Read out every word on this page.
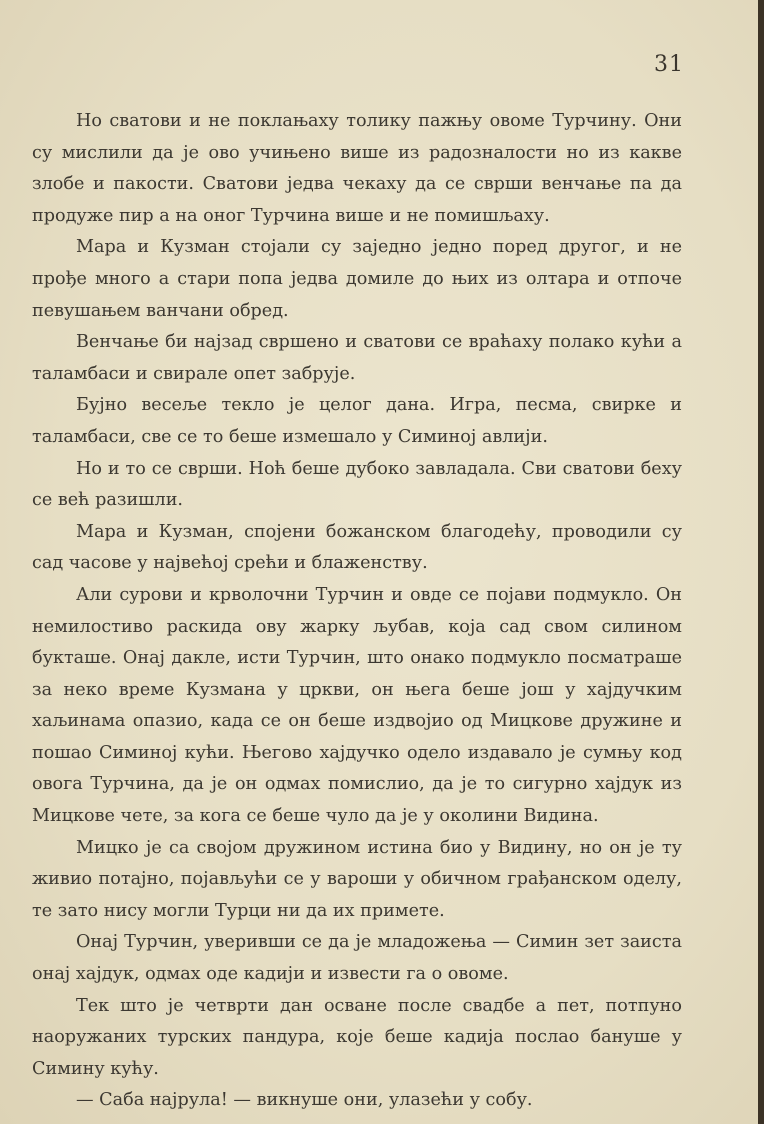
31

Но сватови и не поклањаху толику пажњу овоме Турчину. Они су мислили да је ово учињено више из радозналости но из какве злобе и пакости. Сватови једва чекаху да се сврши венчање па да продуже пир а на оног Турчина више и не помишљаху.

Мара и Кузман стојали су заједно једно поред другог, и не прође много а стари попа једва домиле до њих из олтара и отпоче певушањем ванчани обред.

Венчање би најзад свршено и сватови се враћаху полако кући а таламбаси и свирале опет забрује.

Бујно весеље текло је целог дана. Игра, песма, свирке и таламбаси, све се то беше измешало у Симиној авлији.

Но и то се сврши. Ноћ беше дубоко завладала. Сви сватови беху се већ разишли.

Мара и Кузман, спојени божанском благодећу, проводили су сад часове у највећој срећи и блаженству.

Али сурови и крволочни Турчин и овде се појави подмукло. Он немилостиво раскида ову жарку љубав, која сад свом силином букташе. Онај дакле, исти Турчин, што онако подмукло посматраше за неко време Кузмана у цркви, он њега беше још у хајдучким хаљинама опазио, када се он беше издвојио од Мицкове дружине и пошао Симиној кући. Његово хајдучко одело издавало је сумњу код овога Турчина, да је он одмах помислио, да је то сигурно хајдук из Мицкове чете, за кога се беше чуло да је у околини Видина.

Мицко је са својом дружином истина био у Видину, но он је ту живио потајно, појављући се у вароши у обичном грађанском оделу, те зато нису могли Турци ни да их примете.

Онај Турчин, уверивши се да је младожења — Симин зет заиста онај хајдук, одмах оде кадији и извести га о овоме.

Тек што је четврти дан осване после свадбе а пет, потпуно наоружаних турских пандура, које беше кадија послао бануше у Симину кућу.

— Саба најрула! — викнуше они, улазећи у собу.
